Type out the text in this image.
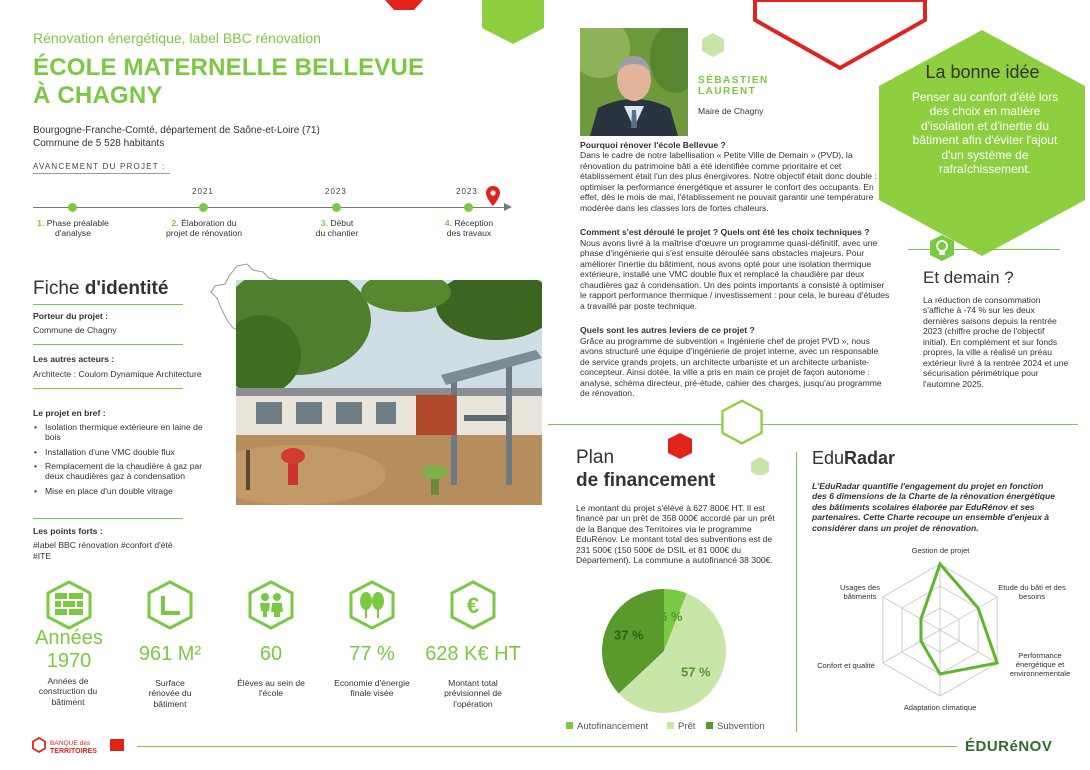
Rénovation énergétique, label BBC rénovation
ÉCOLE MATERNELLE BELLEVUE
À CHAGNY
Bourgogne-Franche-Comté, département de Saône-et-Loire (71)
Commune de 5 528 habitants
AVANCEMENT DU PROJET :
2021	2023	2023
1. Phase préalable
d'analyse
2. Élaboration du
projet de rénovation
3. Début
du chantier
4. Réception
des travaux
Fiche d'identité
Porteur du projet :
Commune de Chagny
Les autres acteurs :
Architecte : Coulom Dynamique Architecture
Le projet en bref :
• Isolation thermique extérieure en laine de bois
• Installation d'une VMC double flux
• Remplacement de la chaudière à gaz par deux chaudières gaz à condensation
• Mise en place d'un double vitrage
Les points forts :
#label BBC rénovation #confort d'été
#ITE
€
Années
1970
Années de construction du bâtiment
961 M²
Surface rénovée du bâtiment
60
Élèves au sein de l'école
77 %
Economie d'énergie finale visée
628 K€ HT
Montant total prévisionnel de l'opération
SÉBASTIEN
LAURENT
Maire de Chagny

Pourquoi rénover l'école Bellevue ?
Dans le cadre de notre labellisation « Petite Ville de Demain » (PVD), la rénovation du patrimoine bâti a été identifiée comme prioritaire et cet établissement était l'un des plus énergivores. Notre objectif était donc double : optimiser la performance énergétique et assurer le confort des occupants. En effet, dès le mois de mai, l'établissement ne pouvait garantir une température modérée dans les classes lors de fortes chaleurs.

Comment s'est déroulé le projet ? Quels ont été les choix techniques ?
Nous avons livré à la maîtrise d'œuvre un programme quasi-définitif, avec une phase d'ingénierie qui s'est ensuite déroulée sans obstacles majeurs. Pour améliorer l'inertie du bâtiment, nous avons opté pour une isolation thermique extérieure, installé une VMC double flux et remplacé la chaudière par deux chaudières gaz à condensation. Un des points importants a consisté à optimiser le rapport performance thermique / investissement : pour cela, le bureau d'études a travaillé par poste technique.

Quels sont les autres leviers de ce projet ?
Grâce au programme de subvention « Ingénierie chef de projet PVD », nous avons structuré une équipe d'ingénierie de projet interne, avec un responsable de service grands projets, un architecte urbaniste et un architecte urbaniste-concepteur. Ainsi dotée, la ville a pris en main ce projet de façon autonome : analyse, schéma directeur, pré-étude, cahier des charges, jusqu'au programme de rénovation.

La bonne idée
Penser au confort d'été lors des choix en matière d'isolation et d'inertie du bâtiment afin d'éviter l'ajout d'un système de rafraîchissement.
Et demain ?
La réduction de consommation s'affiche à -74 % sur les deux dernières saisons depuis la rentrée 2023 (chiffre proche de l'objectif initial). En complément et sur fonds propres, la ville a réalisé un préau extérieur livré à la rentrée 2024 et une sécurisation périmétrique pour l'automne 2025.
Plan
de financement
Le montant du projet s'élève à 627 800€ HT. Il est financé par un prêt de 358 000€ accordé par un prêt de la Banque des Territoires via le programme EduRénov. Le montant total des subventions est de 231 500€ (150 500€ de DSIL et 81 000€ du Département). La commune a autofinancé 38 300€.
6 %
57 %
37 %
Autofinancement	Prêt	Subvention
EduRadar
L'EduRadar quantifie l'engagement du projet en fonction des 6 dimensions de la Charte de la rénovation énergétique des bâtiments scolaires élaborée par EduRénov et ses partenaires. Cette Charte recoupe un ensemble d'enjeux à considérer dans un projet de rénovation.
Gestion de projet
Etude du bâti et des besoins
Performance énergétique et environnementale
Adaptation climatique
Confort et qualité
Usages des bâtiments
BANQUE des
TERRITOIRES	ÉDURéNOV
